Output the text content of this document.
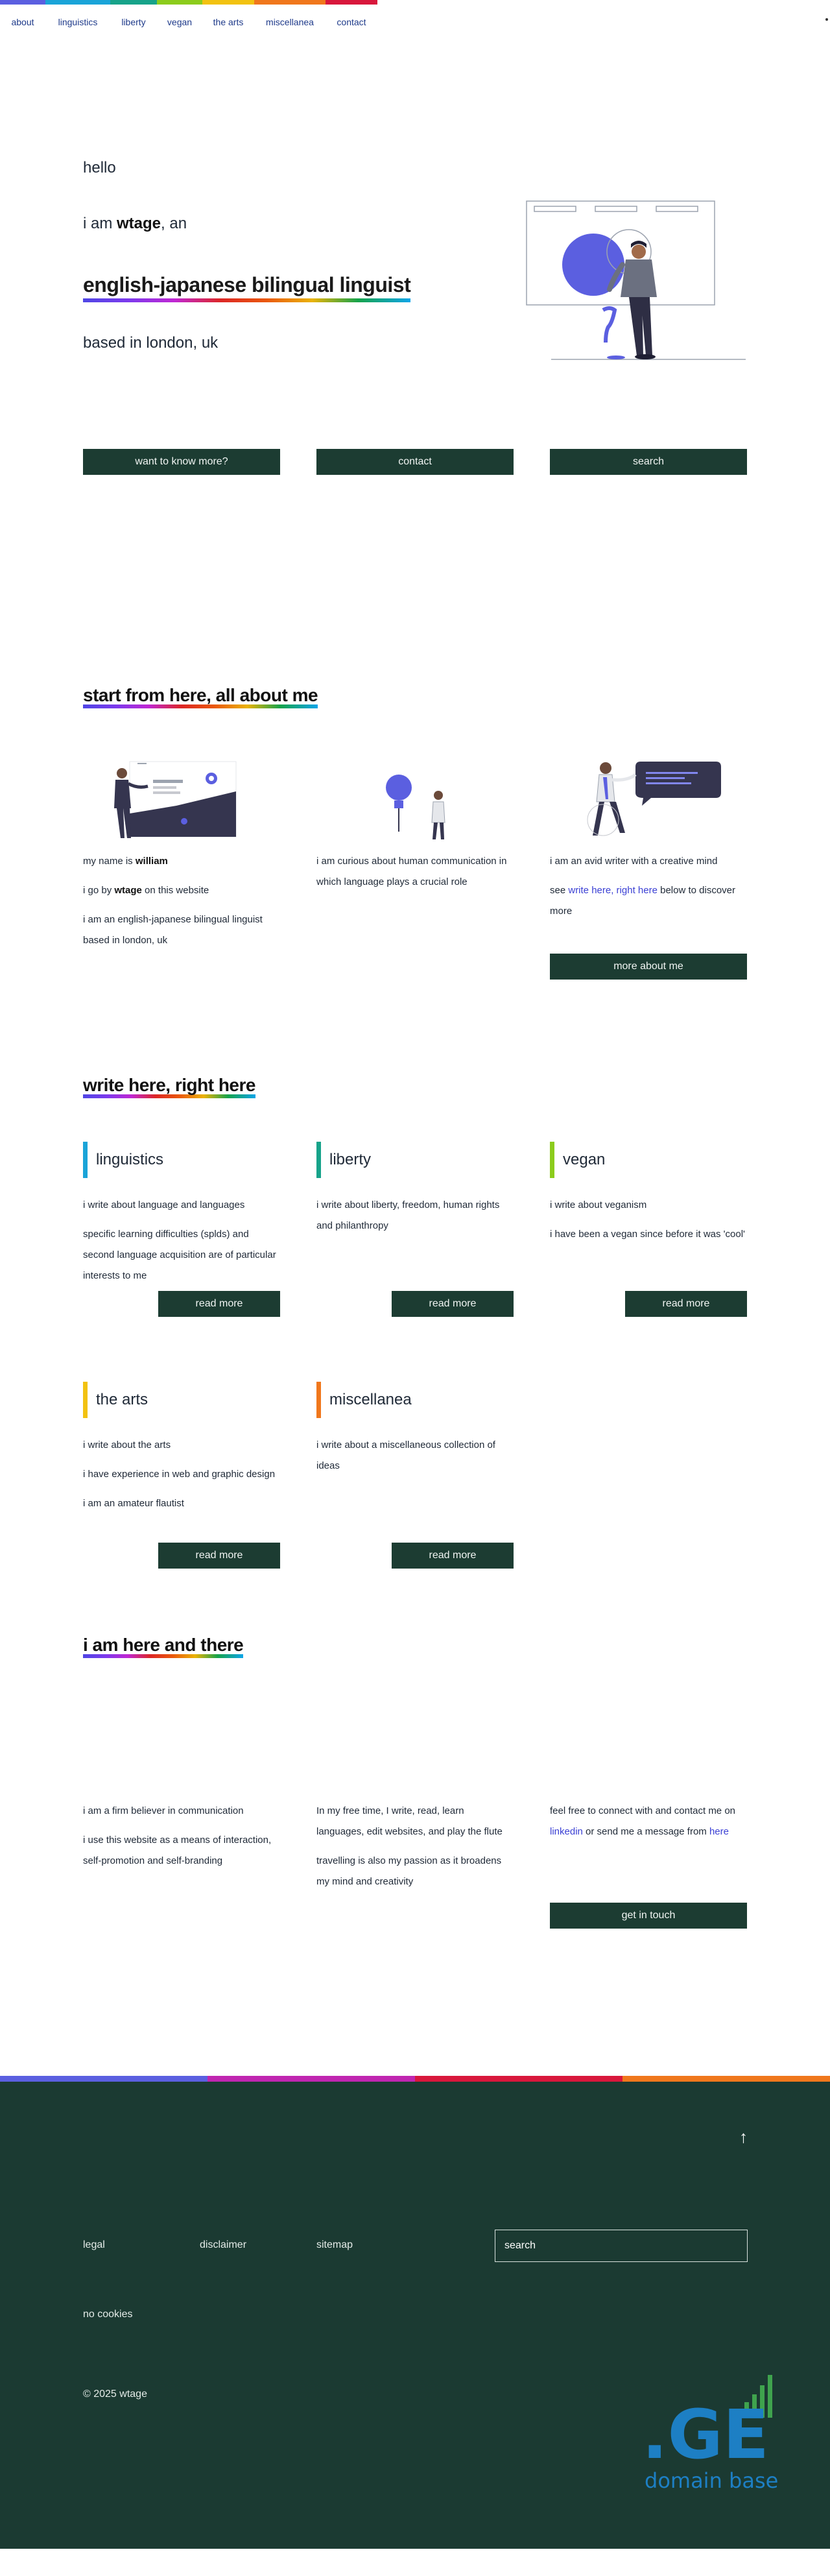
about	linguistics	liberty	vegan	the arts	miscellanea	contact
hello
i am wtage, an
english-japanese bilingual linguist
based in london, uk
want to know more?	contact	search
start from here, all about me

my name is william

i go by wtage on this website

i am an english-japanese bilingual linguist based in london, uk

i am curious about human communication in which language plays a crucial role

i am an avid writer with a creative mind

see write here, right here below to discover more

more about me
write here, right here
linguistics

i write about language and languages

specific learning difficulties (splds) and second language acquisition are of particular interests to me

read more
liberty

i write about liberty, freedom, human rights and philanthropy

read more
vegan

i write about veganism

i have been a vegan since before it was 'cool'

read more
the arts

i write about the arts

i have experience in web and graphic design

i am an amateur flautist

read more
miscellanea

i write about a miscellaneous collection of ideas

read more
i am here and there

i am a firm believer in communication

i use this website as a means of interaction, self-promotion and self-branding

In my free time, I write, read, learn languages, edit websites, and play the flute

travelling is also my passion as it broadens my mind and creativity

feel free to connect with and contact me on linkedin or send me a message from here

get in touch
↑
legal	disclaimer	sitemap	search
no cookies
© 2025 wtage
.GE
domain base
